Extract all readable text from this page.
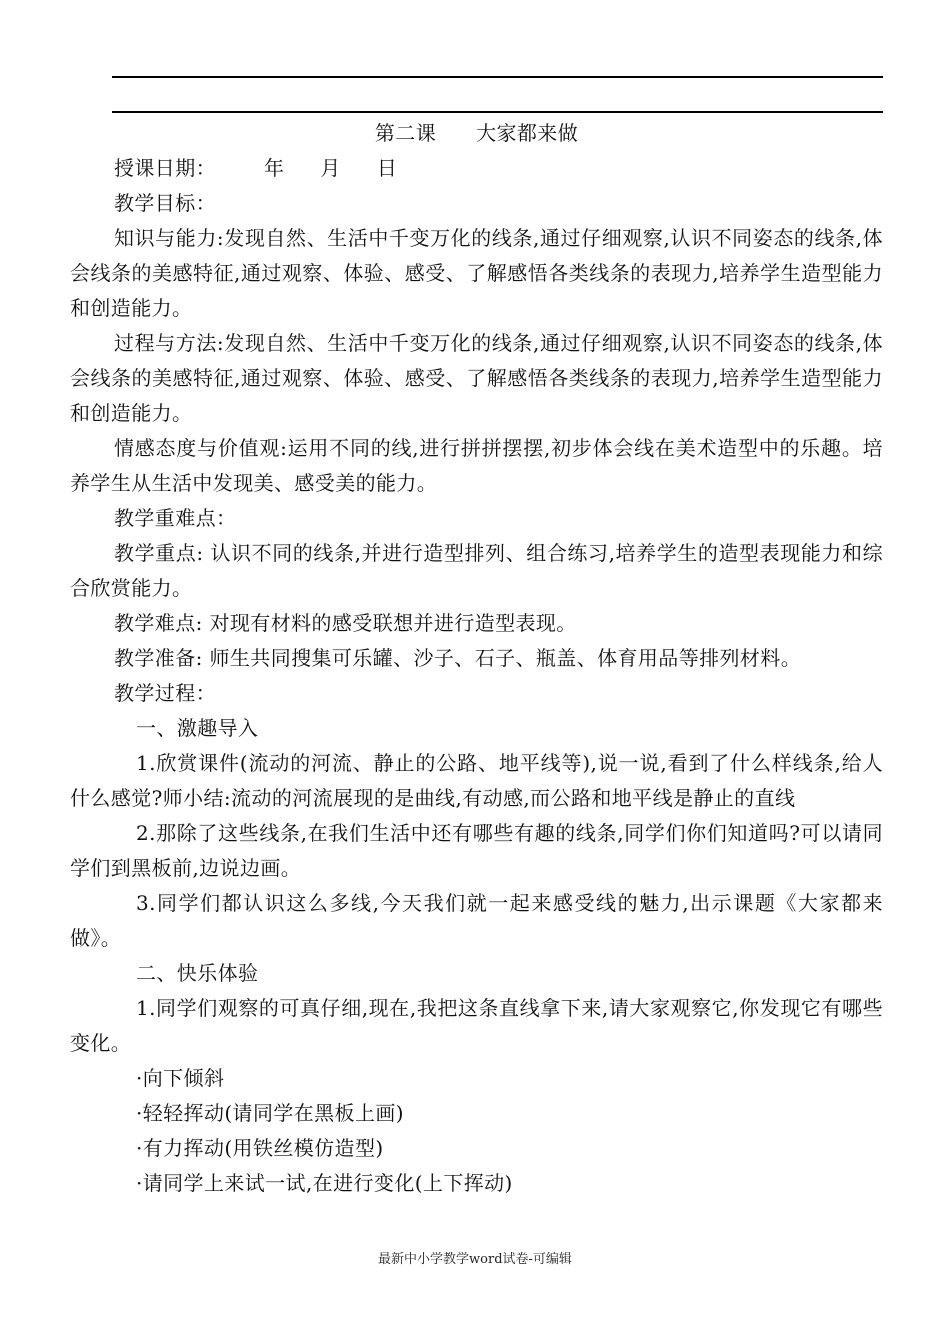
第二课 大家都来做

授课日期： 年 月 日

教学目标：

知识与能力:发现自然、生活中千变万化的线条,通过仔细观察,认识不同姿态的线条,体会线条的美感特征,通过观察、体验、感受、了解感悟各类线条的表现力,培养学生造型能力和创造能力。

过程与方法:发现自然、生活中千变万化的线条,通过仔细观察,认识不同姿态的线条,体会线条的美感特征,通过观察、体验、感受、了解感悟各类线条的表现力,培养学生造型能力和创造能力。

情感态度与价值观:运用不同的线,进行拼拼摆摆,初步体会线在美术造型中的乐趣。培养学生从生活中发现美、感受美的能力。

教学重难点：

教学重点: 认识不同的线条,并进行造型排列、组合练习,培养学生的造型表现能力和综合欣赏能力。

教学难点: 对现有材料的感受联想并进行造型表现。

教学准备: 师生共同搜集可乐罐、沙子、石子、瓶盖、体育用品等排列材料。

教学过程：

一、激趣导入

1.欣赏课件(流动的河流、静止的公路、地平线等),说一说,看到了什么样线条,给人什么感觉?师小结:流动的河流展现的是曲线,有动感,而公路和地平线是静止的直线

2.那除了这些线条,在我们生活中还有哪些有趣的线条,同学们你们知道吗?可以请同学们到黑板前,边说边画。

3.同学们都认识这么多线,今天我们就一起来感受线的魅力,出示课题《大家都来做》。

二、快乐体验

1.同学们观察的可真仔细,现在,我把这条直线拿下来,请大家观察它,你发现它有哪些 变化。

·向下倾斜

·轻轻挥动(请同学在黑板上画)

·有力挥动(用铁丝模仿造型)

·请同学上来试一试,在进行变化(上下挥动)

最新中小学教学word试卷-可编辑
